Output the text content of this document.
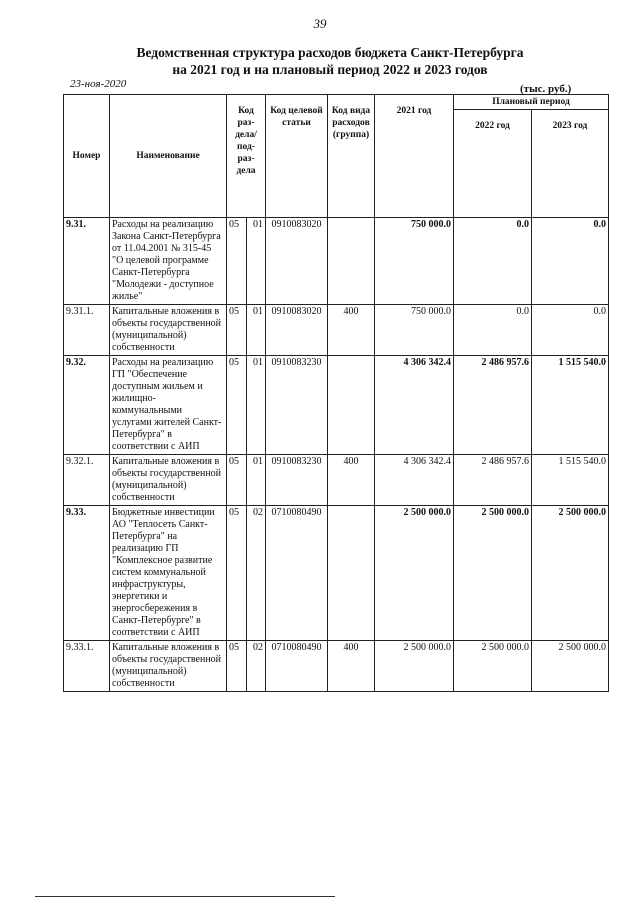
39
Ведомственная структура расходов бюджета Санкт-Петербурга
на 2021 год и на плановый период 2022 и 2023 годов
23-ноя-2020	(тыс. руб.)
Номер	Наименование	Код раз-дела/ под-раз-дела		Код целевой статьи	Код вида расходов (группа)	2021 год	Плановый период	
							2022 год	2023 год
9.31.	Расходы на реализацию Закона Санкт-Петербурга от 11.04.2001 № 315-45 "О целевой программе Санкт-Петербурга "Молодежи - доступное жилье"	05	01	0910083020		750 000.0	0.0	0.0
9.31.1.	Капитальные вложения в объекты государственной (муниципальной) собственности	05	01	0910083020	400	750 000.0	0.0	0.0
9.32.	Расходы на реализацию ГП "Обеспечение доступным жильем и жилищно-коммунальными услугами жителей Санкт-Петербурга" в соответствии с АИП	05	01	0910083230		4 306 342.4	2 486 957.6	1 515 540.0
9.32.1.	Капитальные вложения в объекты государственной (муниципальной) собственности	05	01	0910083230	400	4 306 342.4	2 486 957.6	1 515 540.0
9.33.	Бюджетные инвестиции АО "Теплосеть Санкт-Петербурга" на реализацию ГП "Комплексное развитие систем коммунальной инфраструктуры, энергетики и энергосбережения в Санкт-Петербурге" в соответствии с АИП	05	02	0710080490		2 500 000.0	2 500 000.0	2 500 000.0
9.33.1.	Капитальные вложения в объекты государственной (муниципальной) собственности	05	02	0710080490	400	2 500 000.0	2 500 000.0	2 500 000.0
